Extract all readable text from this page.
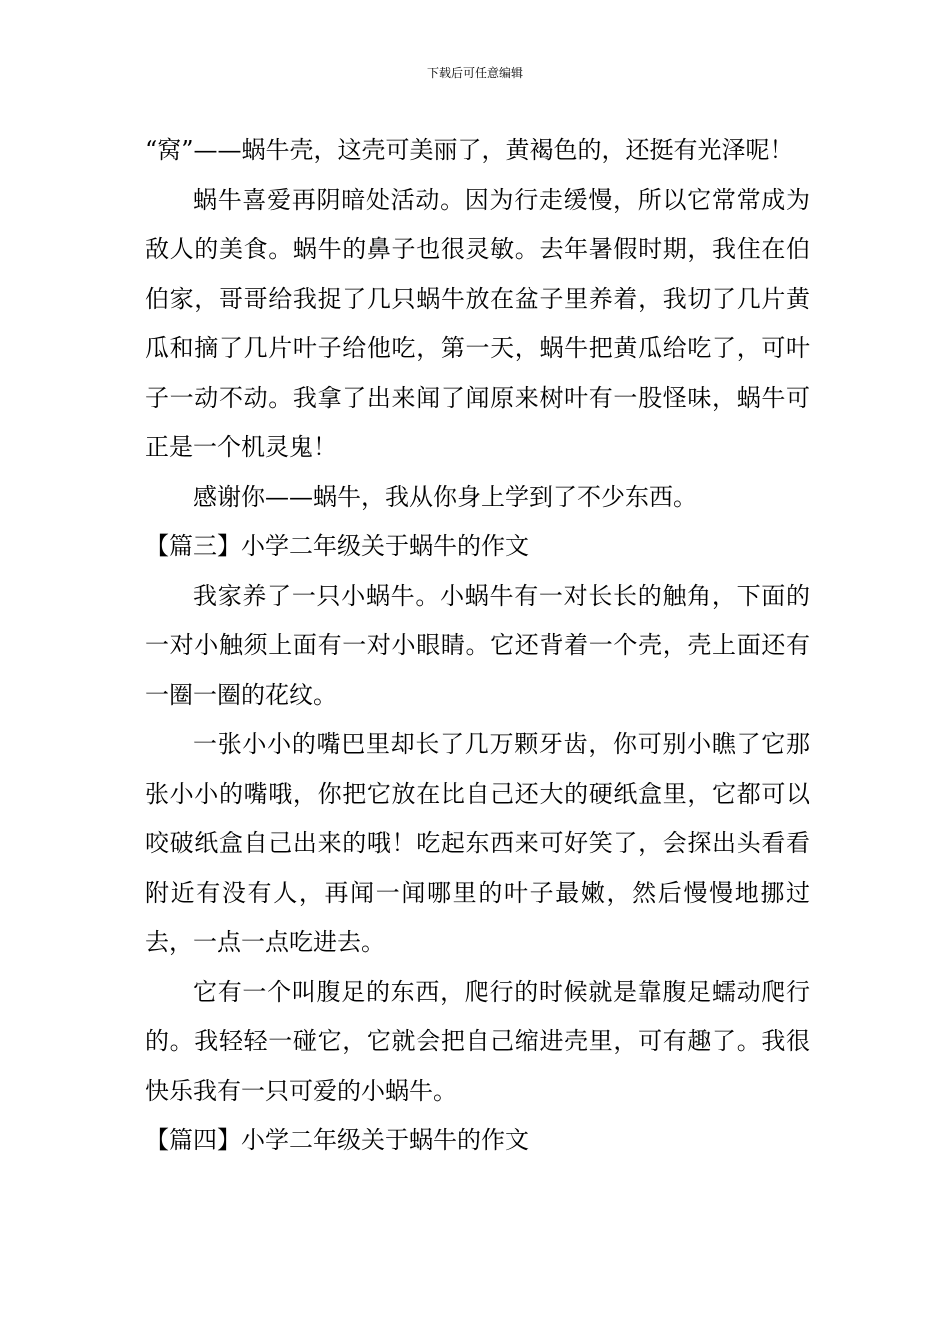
下载后可任意编辑

“窝”——蜗牛壳，这壳可美丽了，黄褐色的，还挺有光泽呢！

蜗牛喜爱再阴暗处活动。因为行走缓慢，所以它常常成为敌人的美食。蜗牛的鼻子也很灵敏。去年暑假时期，我住在伯伯家，哥哥给我捉了几只蜗牛放在盆子里养着，我切了几片黄瓜和摘了几片叶子给他吃，第一天，蜗牛把黄瓜给吃了，可叶子一动不动。我拿了出来闻了闻原来树叶有一股怪味，蜗牛可正是一个机灵鬼！

感谢你——蜗牛，我从你身上学到了不少东西。

【篇三】小学二年级关于蜗牛的作文

我家养了一只小蜗牛。小蜗牛有一对长长的触角，下面的一对小触须上面有一对小眼睛。它还背着一个壳，壳上面还有一圈一圈的花纹。

一张小小的嘴巴里却长了几万颗牙齿，你可别小瞧了它那张小小的嘴哦，你把它放在比自己还大的硬纸盒里，它都可以咬破纸盒自己出来的哦！吃起东西来可好笑了，会探出头看看附近有没有人，再闻一闻哪里的叶子最嫩，然后慢慢地挪过去，一点一点吃进去。

它有一个叫腹足的东西，爬行的时候就是靠腹足蠕动爬行的。我轻轻一碰它，它就会把自己缩进壳里，可有趣了。我很快乐我有一只可爱的小蜗牛。

【篇四】小学二年级关于蜗牛的作文
